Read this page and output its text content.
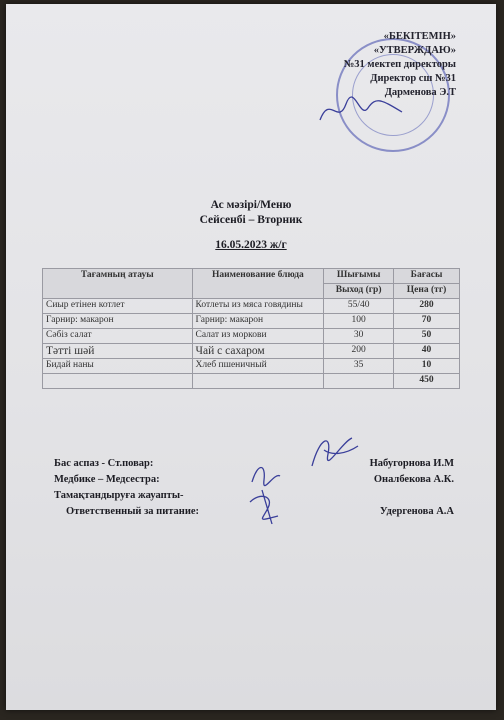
«БЕКІТЕМІН»
«УТВЕРЖДАЮ»
№31 мектеп директоры
Директор сш №31
Дарменова Э.Т
Ас мәзірі/Меню
Сейсенбі – Вторник
16.05.2023 ж/г
Тағамның атауы	Наименование блюда	Шығымы	Бағасы
		Выход (гр)	Цена (тг)
Сиыр етінен котлет	Котлеты из мяса говядины	55/40	280
Гарнир: макарон	Гарнир: макарон	100	70
Сәбіз салат	Салат из моркови	30	50
Тәтті шәй	Чай с сахаром	200	40
Бидай наны	Хлеб пшеничный	35	10
			450
Бас аспаз - Ст.повар:	Набугорнова И.М
Медбике – Медсестра:	Оналбекова А.К.
Тамақтандыруға жауапты-
Ответственный за питание:	Удергенова А.А
